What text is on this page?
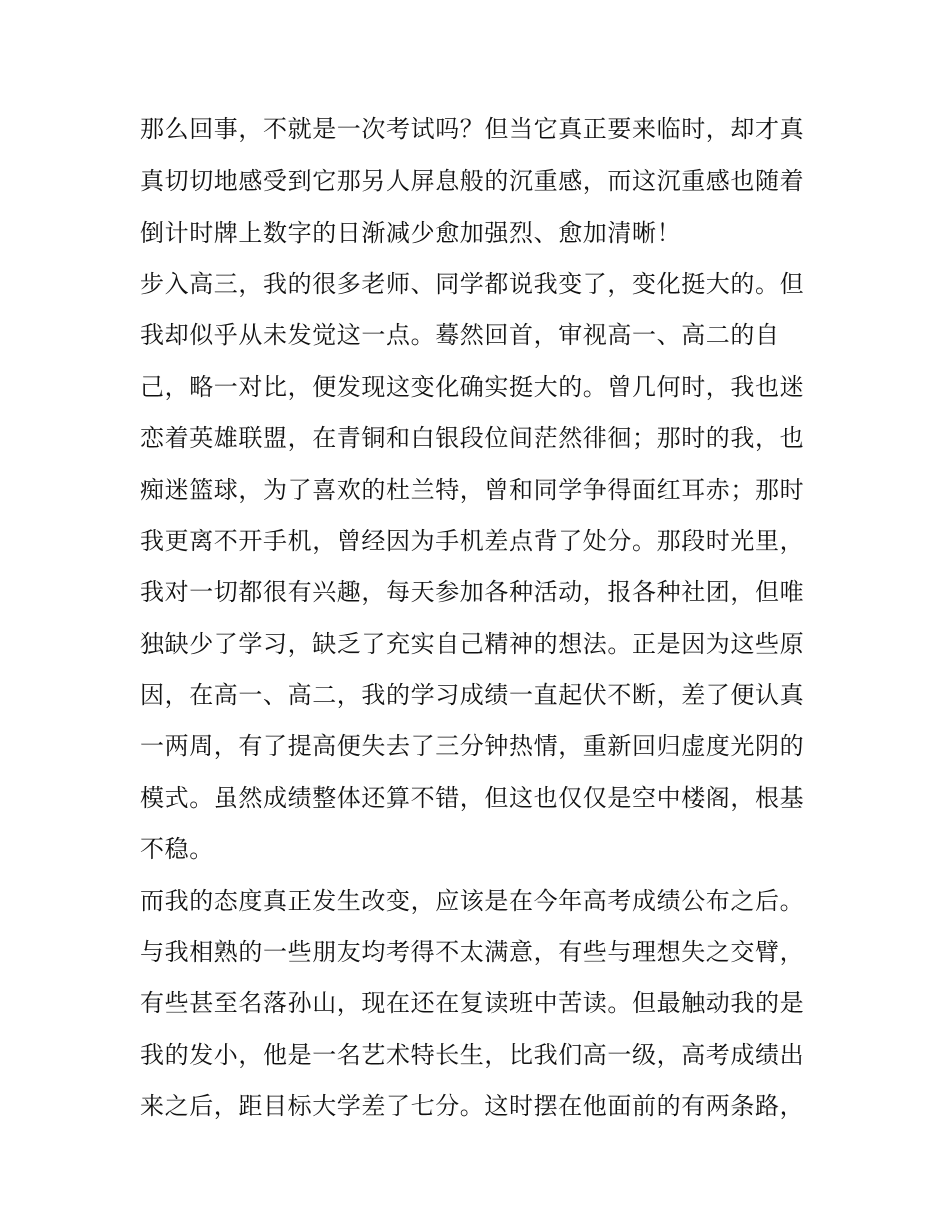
那么回事，不就是一次考试吗？但当它真正要来临时，却才真
真切切地感受到它那另人屏息般的沉重感，而这沉重感也随着
倒计时牌上数字的日渐减少愈加强烈、愈加清晰！
步入高三，我的很多老师、同学都说我变了，变化挺大的。但
我却似乎从未发觉这一点。蓦然回首，审视高一、高二的自
己，略一对比，便发现这变化确实挺大的。曾几何时，我也迷
恋着英雄联盟，在青铜和白银段位间茫然徘徊；那时的我，也
痴迷篮球，为了喜欢的杜兰特，曾和同学争得面红耳赤；那时
我更离不开手机，曾经因为手机差点背了处分。那段时光里，
我对一切都很有兴趣，每天参加各种活动，报各种社团，但唯
独缺少了学习，缺乏了充实自己精神的想法。正是因为这些原
因，在高一、高二，我的学习成绩一直起伏不断，差了便认真
一两周，有了提高便失去了三分钟热情，重新回归虚度光阴的
模式。虽然成绩整体还算不错，但这也仅仅是空中楼阁，根基
不稳。
而我的态度真正发生改变，应该是在今年高考成绩公布之后。
与我相熟的一些朋友均考得不太满意，有些与理想失之交臂，
有些甚至名落孙山，现在还在复读班中苦读。但最触动我的是
我的发小，他是一名艺术特长生，比我们高一级，高考成绩出
来之后，距目标大学差了七分。这时摆在他面前的有两条路，
